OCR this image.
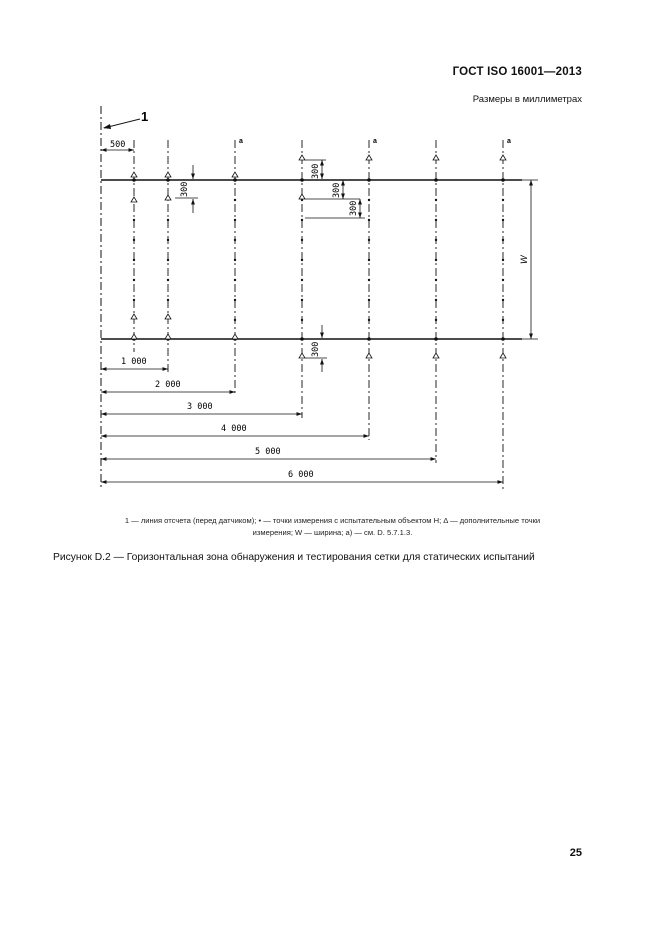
ГОСТ ISO 16001—2013
Размеры в миллиметрах
1
500	a	a	a
300
300
300
300
300
W
1 000
2 000
3 000
4 000
5 000
6 000
1 — линия отсчета (перед датчиком); • — точки измерения с испытательным объектом H; Δ — дополнительные точки
измерения; W — ширина; a) — см. D. 5.7.1.3.
Рисунок D.2 — Горизонтальная зона обнаружения и тестирования сетки для статических испытаний
25
